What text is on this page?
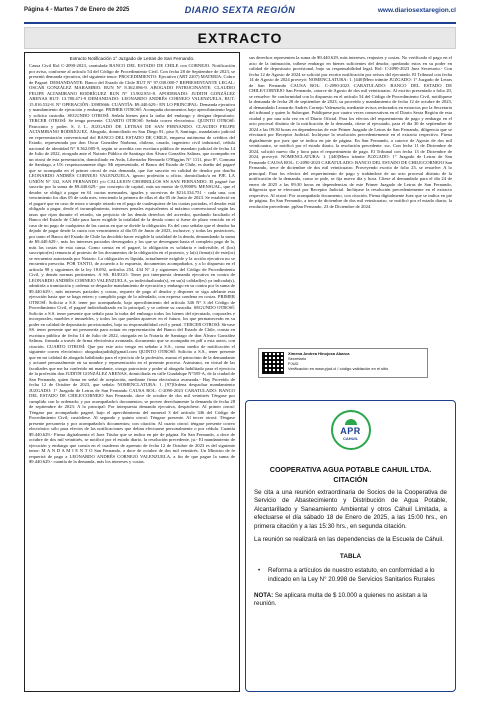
Página 4 - Martes 7 de Enero de 2025	DIARIO SEXTA REGIÓN	www.diariosextaregion.cl
EXTRACTO
Extracto Notificación 1° Juzgado de Letras de San Fernando.
Causa Civil Rol C-2090-2023, caratulada BANCO DEL ESTADO DE CHILE con CORNEJO. Notificación por aviso, conforme al artículo 54 del Código de Procedimiento Civil. Con fecha 28 de Septiembre de 2023, se presentó demanda ejecutiva, del siguiente tenor: PROCEDIMIENTO: Ejecutivo (ART 2207) MATERIA: Cobro de Pagaré. DEMANDANTE: Banco del Estado de Chile RUT N° 97.030.000-7 REPRESENTANTE LEGAL: OSCAR GONZÁLEZ MARAMBIO. RUN N° 8.362.086-9. ABOGADO PATROCINANTE: CLAUDIO FELIPE ALTAMIRANO RODRÍGUEZ RUN N° 13.902.851-8. APODERADO: JUDITH GONZÁLEZ ARENAS RUT: 13.780.471-9 DEMANDADO: LEONARDO ANDRÉS CORNEJO VALENZUELA, RUT: 15.816.532-8. N° OPERACIÓN: 33985666. CUANTÍA: $9.440.629.- EN LO PRINCIPAL: Demanda ejecutiva y mandamiento de ejecución y embargo. PRIMER OTROSÍ: Acompaña documentos bajo apercibimiento legal y solicita custodia. SEGUNDO OTROSÍ: Señala bienes para la traba del embargo y designa depositario. TERCER OTROSÍ: Se tenga presente. CUARTO OTROSÍ: Señala correo electrónico. QUINTO OTROSÍ: Patrocinio y poder. S. J. L. JUZGADO DE LETRAS DE SAN FERNANDO. CLAUDIO FELIPE ALTAMIRANO RODRÍGUEZ, Abogado, domiciliado en San Diego 81, piso 8, Santiago, mandatario judicial en representación convencional del BANCO DEL ESTADO DE CHILE, empresa autónoma de créditos del Estado, representada por don Oscar González Narbona, chileno, casado, ingeniero civil industrial, cédula nacional de identidad N° 8.362.085-9, según se acredita con escritura pública de mandato judicial de fecha 14 de Julio de 2022, otorgada ante el Notario Público de Santiago don Álvaro González Salinas, que acompaño en un otrosí de esta presentación, domiciliado en Avda. Libertador Bernardo O'Higgins N° 1111, piso 8°, Comuna de Santiago, a US. respetuosamente digo: Mi representado, el Banco del Estado de Chile, es dueño del pagaré que se acompaña en el primer otrosí de esta demanda, que fue suscrito en calidad de deudor por don/ña LEONARDO ANDRÉS CORNEJO VALENZUELA, ignoro profesión u oficio, domiciliado/a en PJE. LA UNIÓN N° 332, SAN FERNANDO y/o CALLEJON CHORRILLOS SN SAN FERNANDO. El pagaré fue suscrito por la suma de $9.440.629.- por concepto de capital, más un monto de 0,9900% MENSUAL, que el deudor se obligó a pagar en 61 cuotas mensuales, iguales y sucesivas de $214.334.751 - cada una, con vencimiento los días 05 de cada mes, venciendo la primera de ellas el día 05 de Junio de 2023. Se estableció en el pagaré que en caso de mora o simple retardo en el pago de cualesquiera de las cuotas pactadas, el deudor está obligado a pagar, desde el incumplimiento, intereses penales equivalentes al máximo convencional según las tasas que rijan durante el retardo, sin perjuicio de las demás derechos del acreedor, quedando facultado el Banco del Estado de Chile para hacer exigible la totalidad de la deuda como si fuese de plazo vencido en el caso de no pago de cualquiera de las cuotas en que se divide la obligación. Es del caso señalar que el deudor ha dejado de pagar desde la cuota con vencimiento al día 05 de Junio de 2023, inclusive, y todas las posteriores, por tanto el Banco del Estado de Chile ha decidido hacer exigible la totalidad de la deuda, demandando la suma de $9.440.629.-, más los intereses pactados devengados y los que se devenguen hasta el completo pago de la, más las costas de esta causa. Como consta en el pagaré, la obligación es solidaria e indivisible, el (los) suscriptor(es) renuncia al protesto de los documentos de la obligación en el protesto, y la(s) firma(s) de este(os) se encuentra autorizada por Notario. La obligación es líquida, actualmente exigible y la acción ejecutiva no se encuentra prescrita. POR TANTO, de acuerdo a lo expuesto, documentos acompañados, y a lo dispuesto en el artículo 98 y siguientes de la ley 18.092, artículos 254, 434 N° 4 y siguientes del Código de Procedimiento Civil, y demás normas pertinentes. A SS. RUEGO: Tener por interpuesta demanda ejecutiva en contra de LEONARDO ANDRÉS CORNEJO VALENZUELA, ya individualizado(s), en su(s) calidad(es) ya indicada(s), admitirla a tramitación y ordenar se despache mandamiento de ejecución y embargo en su contra por la suma de $9.440.629.-, más intereses pactados y costas, requerir de pago al deudor y disponer se siga adelante esta ejecución hasta que se haga entero y cumplido pago de lo adeudado, con expresa condena en costas. PRIMER OTROSÍ: Solicito a S.S. tener por acompañado, bajo apercibimiento del artículo 346 N° 3 del Código de Procedimiento Civil, el pagaré individualizado en lo principal, y se ordene su custodia. SEGUNDO OTROSÍ: Solicito a S.S. tener presente que señalo para la traba del embargo todos los bienes del ejecutado, corporales e incorporales, muebles e inmuebles, y todos los que puedan aparecer en el futuro, los que permanecerán en su poder en calidad de depositario provisionales, bajo su responsabilidad civil y penal. TERCER OTROSÍ: Sírvase SS. tener presente que mi personería para actuar en representación del Banco del Estado de Chile, consta en escritura pública de fecha 14 de Julio de 2022, otorgada en la Notaría de Santiago de don Álvaro González Salinas, firmada a través de firma electrónica avanzada, documento que se acompaña en pdf a esta autos, con citación. CUARTO OTROSÍ: Que por este acto vengo en señalar a S.S., como medio de notificación el siguiente correo electrónico: abogadoajudith@gmail.com QUINTO OTROSÍ: Solicito a S.S., tener presente que en mi calidad de abogado habilitado para el ejercicio de la profesión, asumo el patrocinio de la demandante y actuaré personalmente en su nombre y representación en el presente proceso. Asimismo, en virtud de las facultades que me ha conferido mi mandante, otorgo patrocinio y poder al abogado habilitado para el ejercicio de la profesión don JUDITH GONZÁLEZ ARENAS, domiciliada en calle Guadalupe N°585-A, de la ciudad de San Fernando, quien firma en señal de aceptación, mediante firma electrónica avanzada.- Hay Proveído de fecha 12 de Octubre de 2023, que señala: NOMENCLATURA: 1. [97]Ordena despachar mandamiento JUZGADO: 1° Juzgado de Letras de San Fernando CAUSA ROL: C-2090-2023 CARATULADO: BANCO DEL ESTADO DE CHILE/CORNEJO San Fernando, doce de octubre de dos mil veintitrés Téngase por cumplido con lo ordenado; y por acompañado/s documentos; se provee derechamente la demanda de fecha 28 de septiembre de 2023: A lo principal: Por interpuesta demanda ejecutiva, despáchese. Al primer otrosí: Téngase por acompañado pagaré, bajo el apercibimiento del numeral 3 del artículo 346 del Código de Procedimiento Civil; custódiese. Al segundo y quinto otrosí: Téngase presente. Al tercer otrosí: Téngase presente personería y por acompañado/s documentos; con citación. Al cuarto otrosí: téngase presente correo electrónico sólo para efectos de las notificaciones que deban efectuarse personalmente o por cédula. Cuantía $9.440.629.- Firma digitalmente el Juez Titular que se indica en pie de página. En San Fernando, a doce de octubre de dos mil veintitrés, se notificó por el estado diario, la resolución precedente. ju.- El mandamiento de ejecución y embargo que consta en el cuaderno de apremio de fecha 12 de Octubre de 2023 es del siguiente tenor: M A N D A M I E N T O San Fernando, a doce de octubre de dos mil veintitrés. Un Ministro de fe requerirá de pago a LEONARDO ANDRÉS CORNEJO VALENZUELA, a fin de que pague la suma de $9.440.629.- cuantía de la demanda, más los intereses y costas.
sus derechos representen la suma de $9.440.629, más intereses, reajustes y costas. No verificado el pago en el acto de la intimación, trábese embargo en bienes suficientes del deudor, quedando estos en su poder en calidad de depositario provisional, bajo su responsabilidad legal. Rol: C-2090-2023 Juez Secretario.- Con fecha 12 de Agosto de 2024 se solicitó por escrito notificación por avisos del ejecutado. El Tribunal con fecha 14 de Agosto de 2024 proveyó: NOMENCLATURA: 1. [440]Mero trámite JUZGADO: 1° Juzgado de Letras de San Fernando CAUSA ROL: C-2090-2023 CARATULADO: BANCO DEL ESTADO DE CHILE/CORNEJO San Fernando, catorce de Agosto de dos mil veinticuatro. Al escrito presentado a folio 20, se resuelve: Se conformidad con lo dispuesto en el artículo 54 del Código de Procedimiento Civil, notifíquese la demanda de fecha 28 de septiembre de 2023, su proveído y mandamiento de fecha 12 de octubre de 2023, al demandado Leonardo Andrés Cornejo Valenzuela, mediante avisos redactados en extractos por la Secretaria del tribunal y quien lo Subrogue. Publíquese por cuatro veces consecutivas en el Diario Sexta Región de esta ciudad y por una sola vez en el Diario Oficial. Para los efectos del requerimiento de pago y embargo en el acto procesal distinto de la notificación de la demanda, cítese al ejecutado, para el día 30 de septiembre de 2024 a las 09:30 horas en dependencias de este Primer Juzgado de Letras de San Fernando, diligencia que se efectuará por Receptor Judicial. Inclúyase la resolución precedentemente en el extracto respectivo. Firma digitalmente por juez que se indica en pie de página. En San Fernando, a catorce de Agosto de dos mil veinticuatro, se notificó por el estado diario, la resolución precedente. ssc. Con fecha 11 de Diciembre de 2024, solicitó nuevo día y hora para el requerimiento de pago. El Tribunal con fecha 13 de Diciembre de 2024, proveyó: NOMENCLATURA: 1. [440]Mero trámite JUZGADO: 1° Juzgado de Letras de San Fernando CAUSA ROL: C-2090-2023 CARATULADO: BANCO DEL ESTADO DE CHILE/CORNEJO San Fernando, trece de diciembre de dos mil veinticuatro. Proveyendo escrito de folio 25, se resuelve: A lo principal: Para los efectos del requerimiento de pago y trabándose de un acto procesal distinto de la notificación de la demanda, como se pide, se fija nuevo día y hora. Cítese al demandado para el día 24 de enero de 2025 a las 09:30 horas en dependencias de este Primer Juzgado de Letras de San Fernando, diligencia que se efectuará por Receptor Judicial. Inclúyase la resolución precedentemente en el extracto respectivo. Al otrosí: Por acompañado documento, con citación. Firma digitalmente Juez que se indica en pie de página. En San Fernando, a trece de diciembre de dos mil veinticuatro, se notificó por el estado diario, la resolución precedente. ppSan Fernando, 23 de Diciembre de 2024.
Ximena Andrea Hinojosa Abarca
Secretario
PJUD
Verificación en www.pjud.cl / código validación en el sitio
APR
CAHUIL
COOPERATIVA AGUA POTABLE CAHUIL LTDA.
CITACIÓN
Se cita a una reunión extraordinaria de Socios de la Cooperativa de Servicio de Abastecimiento y Distribución de Agua Potable, Alcantarillado y Saneamiento Ambiental y otros Cáhuil Limitada, a efectuarse el día sábado 18 de Enero de 2025, a las 15:00 hrs., en primera citación y a las 15:30 hrs., en segunda citación.
La reunión se realizará en las dependencias de la Escuela de Cáhuil.
TABLA
• Reforma a artículos de nuestro estatuto, en conformidad a lo indicado en la Ley N° 20.998 de Servicios Sanitarios Rurales
NOTA: Se aplicara multa de $ 10.000 a quienes no asistan a la reunión.
